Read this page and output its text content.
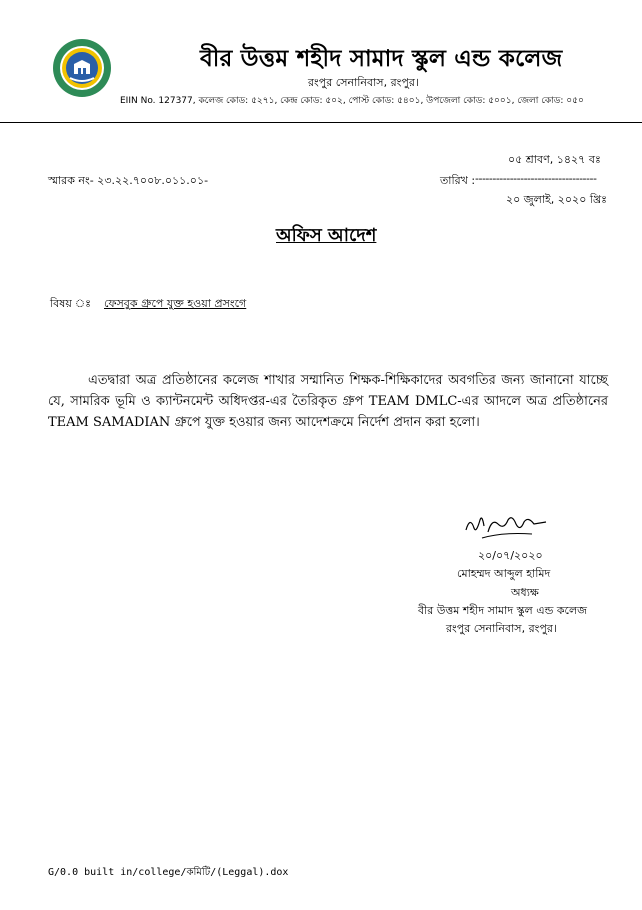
বীর উত্তম শহীদ সামাদ স্কুল এন্ড কলেজ
রংপুর সেনানিবাস, রংপুর।
EIIN No. 127377, কলেজ কোড: ৫২৭১, কেন্দ্র কোড: ৫০২, পোস্ট কোড: ৫৪০১, উপজেলা কোড: ৫০০১, জেলা কোড: ০৫০
০৫ শ্রাবণ, ১৪২৭ বঃ
স্মারক নং- ২৩.২২.৭০০৮.০১১.০১-	তারিখ : -----------------------------------
২০ জুলাই, ২০২০ খ্রিঃ
অফিস আদেশ
বিষয় ঃ ফেসবুক গ্রুপে যুক্ত হওয়া প্রসংগে
এতদ্বারা অত্র প্রতিষ্ঠানের কলেজ শাখার সম্মানিত শিক্ষক-শিক্ষিকাদের অবগতির জন্য জানানো যাচ্ছে যে, সামরিক ভূমি ও ক্যান্টনমেন্ট অধিদপ্তর-এর তৈরিকৃত গ্রুপ TEAM DMLC-এর আদলে অত্র প্রতিষ্ঠানের TEAM SAMADIAN গ্রুপে যুক্ত হওয়ার জন্য আদেশক্রমে নির্দেশ প্রদান করা হলো।
২০/০৭/২০২০
মোহম্মদ আব্দুল হামিদ
অধ্যক্ষ
বীর উত্তম শহীদ সামাদ স্কুল এন্ড কলেজ
রংপুর সেনানিবাস, রংপুর।
G/0.0 built in/college/কমিটি/(Leggal).dox
